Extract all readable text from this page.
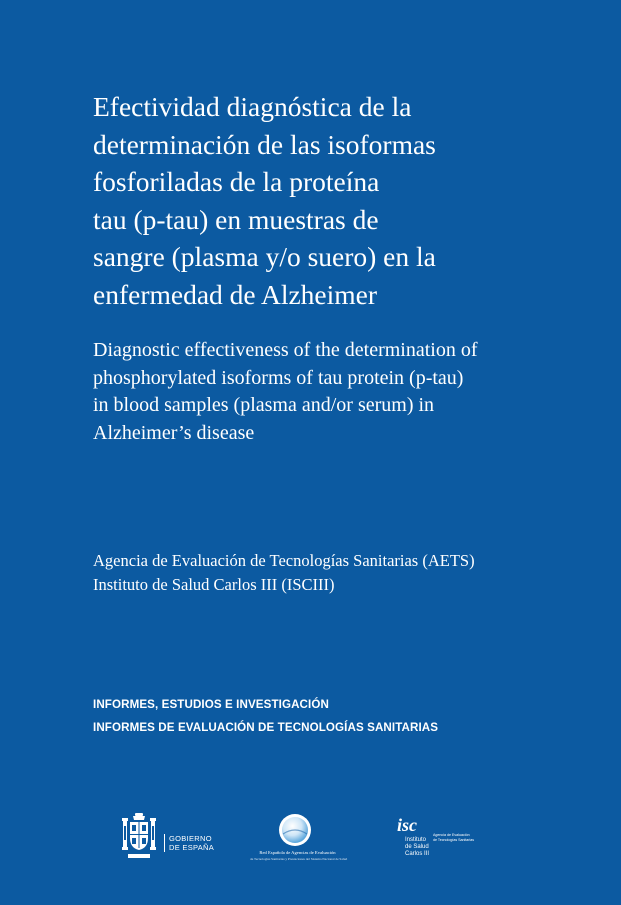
Efectividad diagnóstica de la
determinación de las isoformas
fosforiladas de la proteína
tau (p-tau) en muestras de
sangre (plasma y/o suero) en la
enfermedad de Alzheimer
Diagnostic effectiveness of the determination of
phosphorylated isoforms of tau protein (p-tau)
in blood samples (plasma and/or serum) in
Alzheimer’s disease
Agencia de Evaluación de Tecnologías Sanitarias (AETS)
Instituto de Salud Carlos III (ISCIII)
INFORMES, ESTUDIOS E INVESTIGACIÓN
INFORMES DE EVALUACIÓN DE TECNOLOGÍAS SANITARIAS
GOBIERNO
DE ESPAÑA
Red Española de Agencias de Evaluación
de Tecnologías Sanitarias y Prestaciones del Sistema Nacional de Salud
isc
Instituto
de Salud
Carlos III
Agencia de Evaluación
de Tecnologías Sanitarias
